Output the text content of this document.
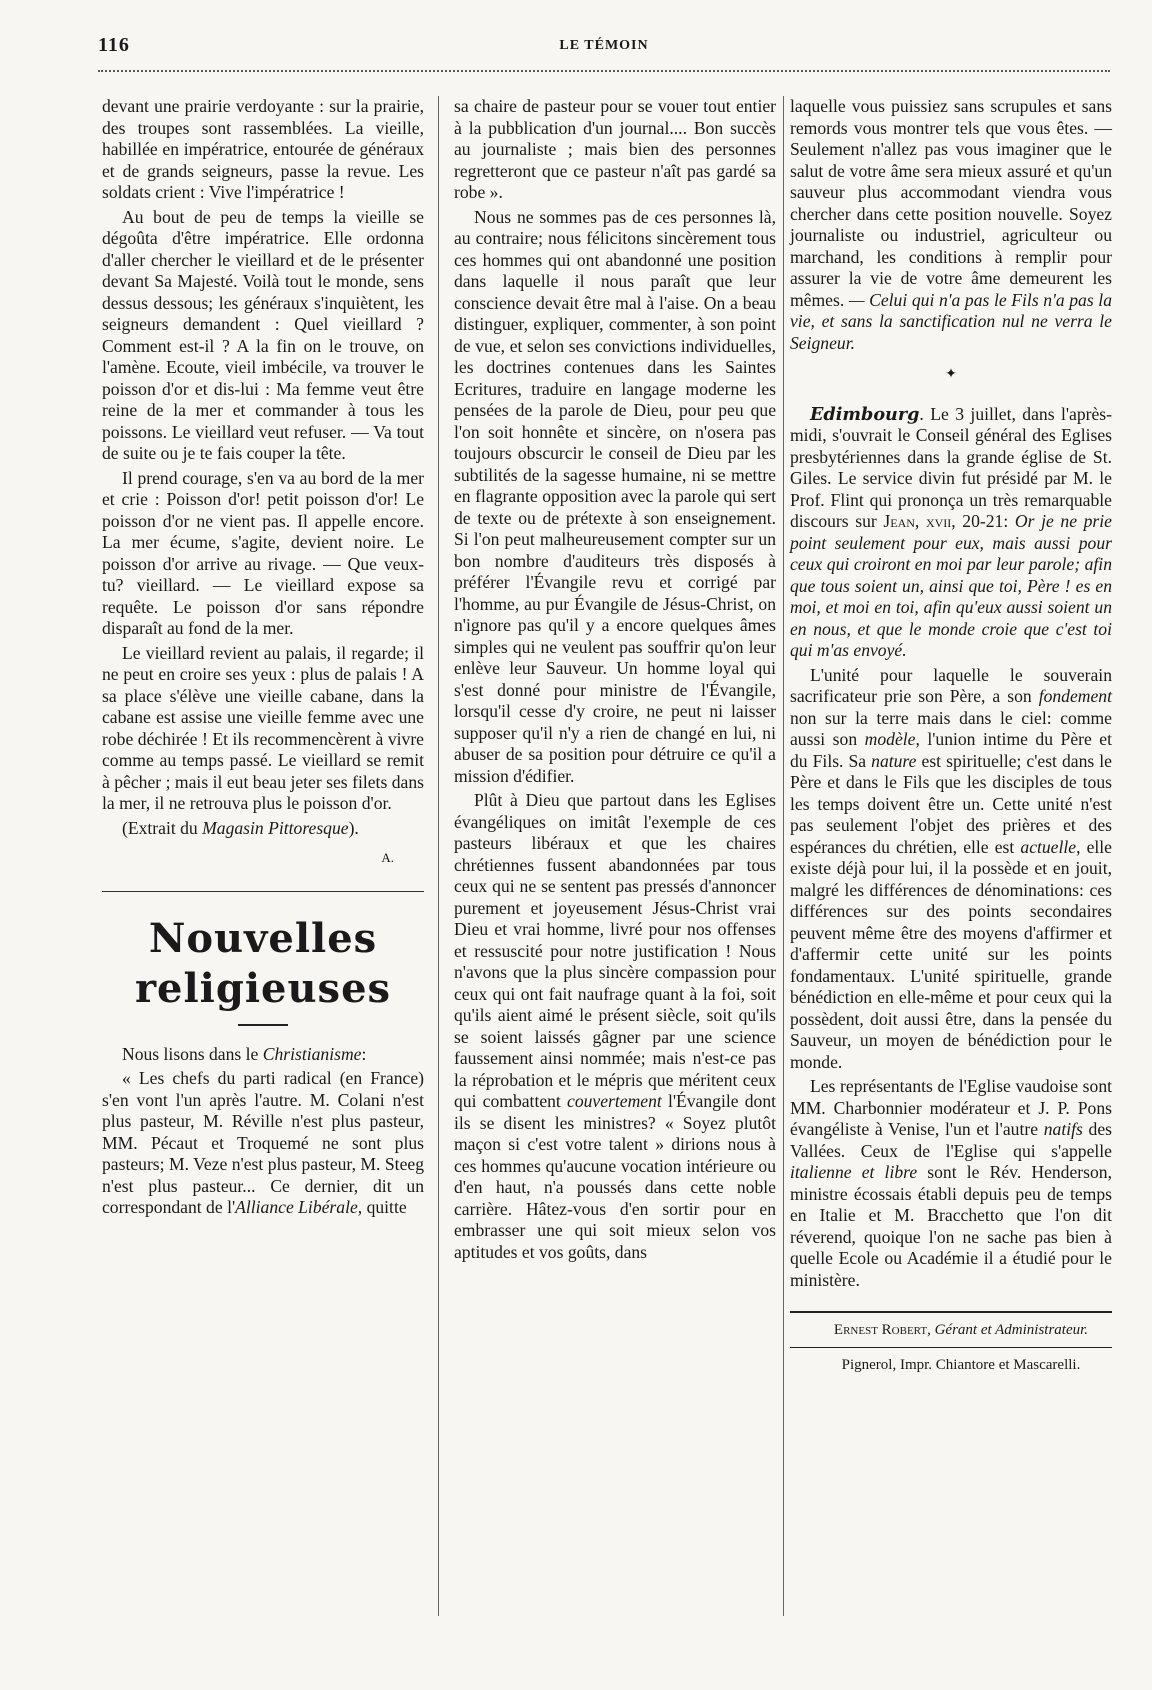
116	LE TÉMOIN

devant une prairie verdoyante : sur la prairie, des troupes sont rassemblées. La vieille, habillée en impératrice, entourée de généraux et de grands seigneurs, passe la revue. Les soldats crient : Vive l'impératrice !

Au bout de peu de temps la vieille se dégoûta d'être impératrice. Elle ordonna d'aller chercher le vieillard et de le présenter devant Sa Majesté. Voilà tout le monde, sens dessus dessous; les généraux s'inquiètent, les seigneurs demandent : Quel vieillard ? Comment est-il ? A la fin on le trouve, on l'amène. Ecoute, vieil imbécile, va trouver le poisson d'or et dis-lui : Ma femme veut être reine de la mer et commander à tous les poissons. Le vieillard veut refuser. — Va tout de suite ou je te fais couper la tête.

Il prend courage, s'en va au bord de la mer et crie : Poisson d'or! petit poisson d'or! Le poisson d'or ne vient pas. Il appelle encore. La mer écume, s'agite, devient noire. Le poisson d'or arrive au rivage. — Que veux-tu? vieillard. — Le vieillard expose sa requête. Le poisson d'or sans répondre disparaît au fond de la mer.

Le vieillard revient au palais, il regarde; il ne peut en croire ses yeux : plus de palais ! A sa place s'élève une vieille cabane, dans la cabane est assise une vieille femme avec une robe déchirée ! Et ils recommencèrent à vivre comme au temps passé. Le vieillard se remit à pêcher ; mais il eut beau jeter ses filets dans la mer, il ne retrouva plus le poisson d'or.

(Extrait du Magasin Pittoresque).

A.
Nouvelles religieuses

Nous lisons dans le Christianisme:

« Les chefs du parti radical (en France) s'en vont l'un après l'autre. M. Colani n'est plus pasteur, M. Réville n'est plus pasteur, MM. Pécaut et Troquemé ne sont plus pasteurs; M. Veze n'est plus pasteur, M. Steeg n'est plus pasteur... Ce dernier, dit un correspondant de l'Alliance Libérale, quitte

sa chaire de pasteur pour se vouer tout entier à la pubblication d'un journal.... Bon succès au journaliste ; mais bien des personnes regretteront que ce pasteur n'aît pas gardé sa robe ».

Nous ne sommes pas de ces personnes là, au contraire; nous félicitons sincèrement tous ces hommes qui ont abandonné une position dans laquelle il nous paraît que leur conscience devait être mal à l'aise. On a beau distinguer, expliquer, commenter, à son point de vue, et selon ses convictions individuelles, les doctrines contenues dans les Saintes Ecritures, traduire en langage moderne les pensées de la parole de Dieu, pour peu que l'on soit honnête et sincère, on n'osera pas toujours obscurcir le conseil de Dieu par les subtilités de la sagesse humaine, ni se mettre en flagrante opposition avec la parole qui sert de texte ou de prétexte à son enseignement. Si l'on peut malheureusement compter sur un bon nombre d'auditeurs très disposés à préférer l'Évangile revu et corrigé par l'homme, au pur Évangile de Jésus-Christ, on n'ignore pas qu'il y a encore quelques âmes simples qui ne veulent pas souffrir qu'on leur enlève leur Sauveur. Un homme loyal qui s'est donné pour ministre de l'Évangile, lorsqu'il cesse d'y croire, ne peut ni laisser supposer qu'il n'y a rien de changé en lui, ni abuser de sa position pour détruire ce qu'il a mission d'édifier.

Plût à Dieu que partout dans les Eglises évangéliques on imitât l'exemple de ces pasteurs libéraux et que les chaires chrétiennes fussent abandonnées par tous ceux qui ne se sentent pas pressés d'annoncer purement et joyeusement Jésus-Christ vrai Dieu et vrai homme, livré pour nos offenses et ressuscité pour notre justification ! Nous n'avons que la plus sincère compassion pour ceux qui ont fait naufrage quant à la foi, soit qu'ils aient aimé le présent siècle, soit qu'ils se soient laissés gâgner par une science faussement ainsi nommée; mais n'est-ce pas la réprobation et le mépris que méritent ceux qui combattent couvertement l'Évangile dont ils se disent les ministres? « Soyez plutôt maçon si c'est votre talent » dirions nous à ces hommes qu'aucune vocation intérieure ou d'en haut, n'a poussés dans cette noble carrière. Hâtez-vous d'en sortir pour en embrasser une qui soit mieux selon vos aptitudes et vos goûts, dans

laquelle vous puissiez sans scrupules et sans remords vous montrer tels que vous êtes. — Seulement n'allez pas vous imaginer que le salut de votre âme sera mieux assuré et qu'un sauveur plus accommodant viendra vous chercher dans cette position nouvelle. Soyez journaliste ou industriel, agriculteur ou marchand, les conditions à remplir pour assurer la vie de votre âme demeurent les mêmes. — Celui qui n'a pas le Fils n'a pas la vie, et sans la sanctification nul ne verra le Seigneur.

✦

Edimbourg. Le 3 juillet, dans l'après-midi, s'ouvrait le Conseil général des Eglises presbytériennes dans la grande église de St. Giles. Le service divin fut présidé par M. le Prof. Flint qui prononça un très remarquable discours sur Jean, xvii, 20-21: Or je ne prie point seulement pour eux, mais aussi pour ceux qui croiront en moi par leur parole; afin que tous soient un, ainsi que toi, Père ! es en moi, et moi en toi, afin qu'eux aussi soient un en nous, et que le monde croie que c'est toi qui m'as envoyé.

L'unité pour laquelle le souverain sacrificateur prie son Père, a son fondement non sur la terre mais dans le ciel: comme aussi son modèle, l'union intime du Père et du Fils. Sa nature est spirituelle; c'est dans le Père et dans le Fils que les disciples de tous les temps doivent être un. Cette unité n'est pas seulement l'objet des prières et des espérances du chrétien, elle est actuelle, elle existe déjà pour lui, il la possède et en jouit, malgré les différences de dénominations: ces différences sur des points secondaires peuvent même être des moyens d'affirmer et d'affermir cette unité sur les points fondamentaux. L'unité spirituelle, grande bénédiction en elle-même et pour ceux qui la possèdent, doit aussi être, dans la pensée du Sauveur, un moyen de bénédiction pour le monde.

Les représentants de l'Eglise vaudoise sont MM. Charbonnier modérateur et J. P. Pons évangéliste à Venise, l'un et l'autre natifs des Vallées. Ceux de l'Eglise qui s'appelle italienne et libre sont le Rév. Henderson, ministre écossais établi depuis peu de temps en Italie et M. Bracchetto que l'on dit réverend, quoique l'on ne sache pas bien à quelle Ecole ou Académie il a étudié pour le ministère.

Ernest Robert, Gérant et Administrateur.

Pignerol, Impr. Chiantore et Mascarelli.
